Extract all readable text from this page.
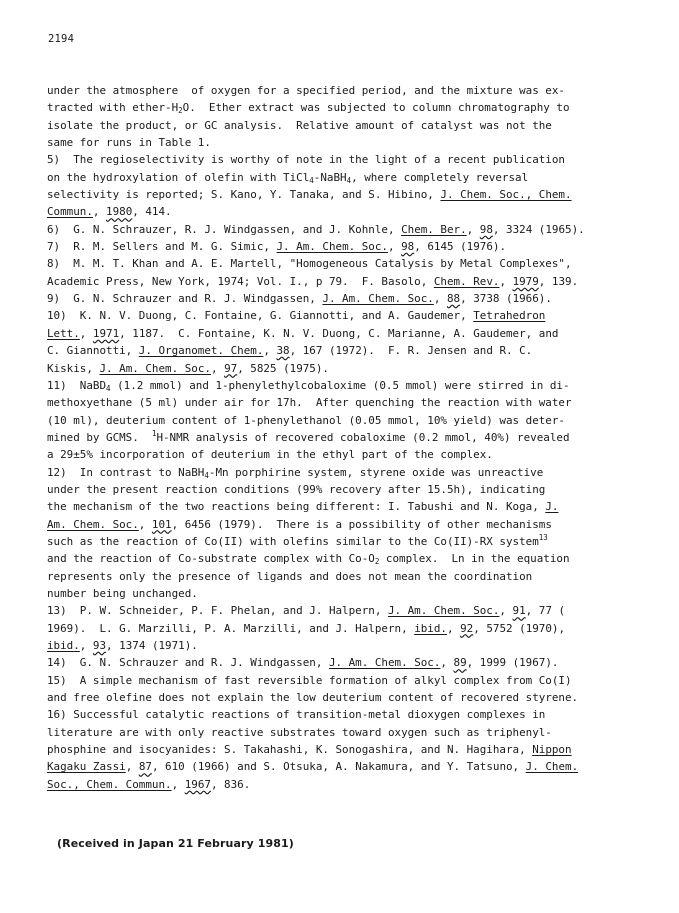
2194
under the atmosphere  of oxygen for a specified period, and the mixture was ex-
tracted with ether-$H_2O$.  Ether extract was subjected to column chromatography to
isolate the product, or GC analysis.  Relative amount of catalyst was not the
same for runs in Table 1.
5)  The regioselectivity is worthy of note in the light of a recent publication
on the hydroxylation of olefin with TiCl$_4$-NaBH$_4$, where completely reversal
selectivity is reported; S. Kano, Y. Tanaka, and S. Hibino, J. Chem. Soc., Chem.
Commun., 1980, 414.
6)  G. N. Schrauzer, R. J. Windgassen, and J. Kohnle, Chem. Ber., 98, 3324 (1965).
7)  R. M. Sellers and M. G. Simic, J. Am. Chem. Soc., 98, 6145 (1976).
8)  M. M. T. Khan and A. E. Martell, "Homogeneous Catalysis by Metal Complexes",
Academic Press, New York, 1974; Vol. I., p 79.  F. Basolo, Chem. Rev., 1979, 139.
9)  G. N. Schrauzer and R. J. Windgassen, J. Am. Chem. Soc., 88, 3738 (1966).
10)  K. N. V. Duong, C. Fontaine, G. Giannotti, and A. Gaudemer, Tetrahedron
Lett., 1971, 1187.  C. Fontaine, K. N. V. Duong, C. Marianne, A. Gaudemer, and
C. Giannotti, J. Organomet. Chem., 38, 167 (1972).  F. R. Jensen and R. C.
Kiskis, J. Am. Chem. Soc., 97, 5825 (1975).
11)  NaBD$_4$ (1.2 mmol) and 1-phenylethylcobaloxime (0.5 mmol) were stirred in di-
methoxyethane (5 ml) under air for 17h.  After quenching the reaction with water
(10 ml), deuterium content of 1-phenylethanol (0.05 mmol, 10% yield) was deter-
mined by GCMS.  $^1$H-NMR analysis of recovered cobaloxime (0.2 mmol, 40%) revealed
a 29±5% incorporation of deuterium in the ethyl part of the complex.
12)  In contrast to NaBH$_4$-Mn porphirine system, styrene oxide was unreactive
under the present reaction conditions (99% recovery after 15.5h), indicating
the mechanism of the two reactions being different: I. Tabushi and N. Koga, J.
Am. Chem. Soc., 101, 6456 (1979).  There is a possibility of other mechanisms
such as the reaction of Co(II) with olefins similar to the Co(II)-RX system$^{13}$
and the reaction of Co-substrate complex with $Co-O_2$ complex.  Ln in the equation
represents only the presence of ligands and does not mean the coordination
number being unchanged.
13)  P. W. Schneider, P. F. Phelan, and J. Halpern, J. Am. Chem. Soc., 91, 77 (
1969).  L. G. Marzilli, P. A. Marzilli, and J. Halpern, ibid., 92, 5752 (1970),
ibid., 93, 1374 (1971).
14)  G. N. Schrauzer and R. J. Windgassen, J. Am. Chem. Soc., 89, 1999 (1967).
15)  A simple mechanism of fast reversible formation of alkyl complex from Co(I)
and free olefine does not explain the low deuterium content of recovered styrene.
16) Successful catalytic reactions of transition-metal dioxygen complexes in
literature are with only reactive substrates toward oxygen such as triphenyl-
phosphine and isocyanides: S. Takahashi, K. Sonogashira, and N. Hagihara, Nippon
Kagaku Zassi, 87, 610 (1966) and S. Otsuka, A. Nakamura, and Y. Tatsuno, J. Chem.
Soc., Chem. Commun., 1967, 836.
(Received in Japan 21 February 1981)
